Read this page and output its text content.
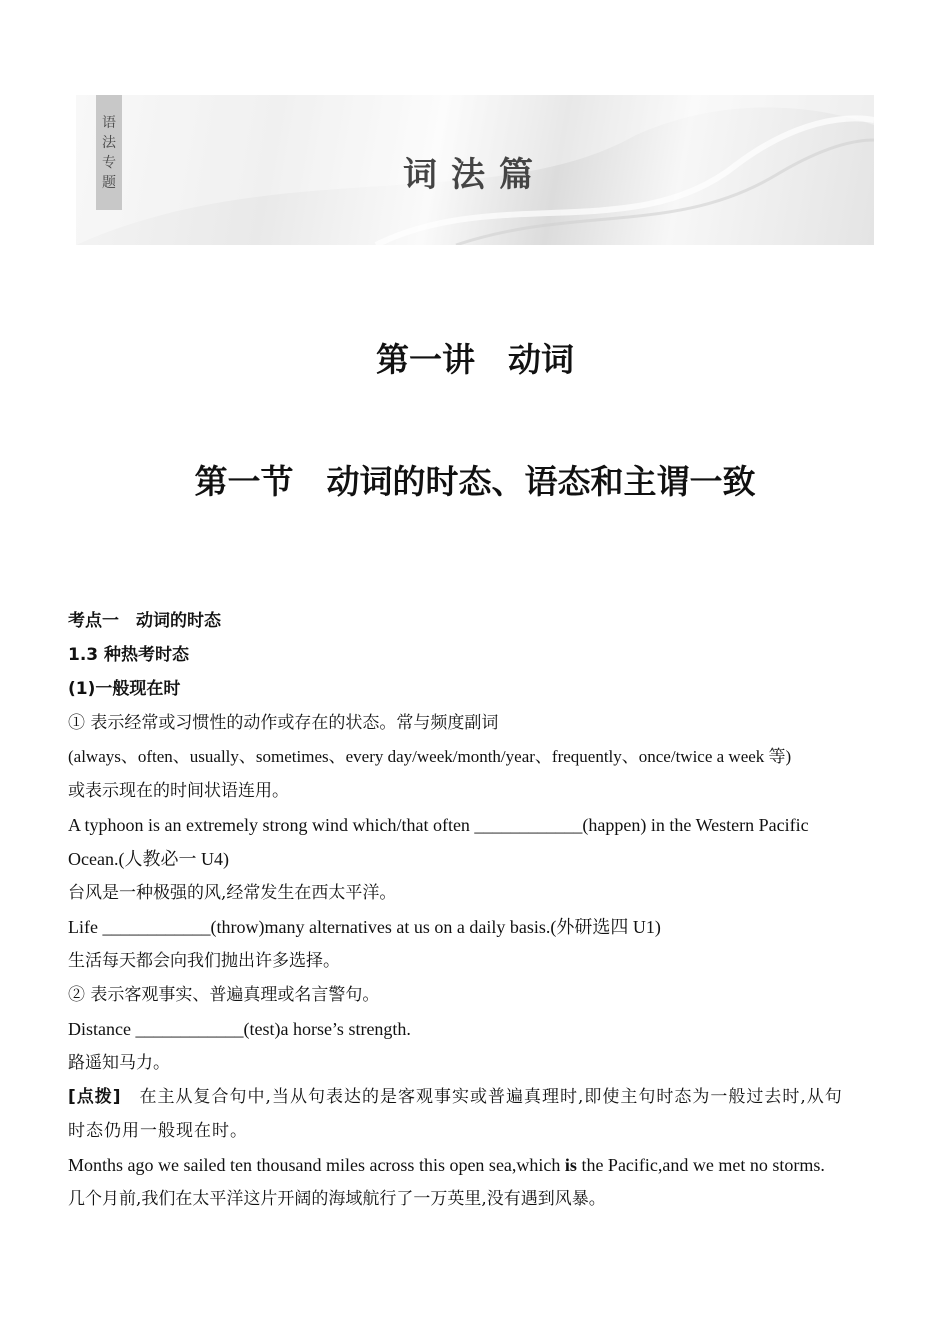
语
法
专
题	词法篇
第一讲　动词
第一节　动词的时态、语态和主谓一致

考点一　动词的时态

1.3 种热考时态

(1)一般现在时

① 表示经常或习惯性的动作或存在的状态。常与频度副词

(always、often、usually、sometimes、every day/week/month/year、frequently、once/twice a week 等)

或表示现在的时间状语连用。

A typhoon is an extremely strong wind which/that often ____________(happen) in the Western Pacific

Ocean.(人教必一 U4)

台风是一种极强的风,经常发生在西太平洋。

Life ____________(throw)many alternatives at us on a daily basis.(外研选四 U1)

生活每天都会向我们抛出许多选择。

② 表示客观事实、普遍真理或名言警句。

Distance ____________(test)a horse’s strength.

路遥知马力。

[点拨]　在主从复合句中,当从句表达的是客观事实或普遍真理时,即使主句时态为一般过去时,从句

时态仍用一般现在时。

Months ago we sailed ten thousand miles across this open sea,which is the Pacific,and we met no storms.

几个月前,我们在太平洋这片开阔的海域航行了一万英里,没有遇到风暴。
